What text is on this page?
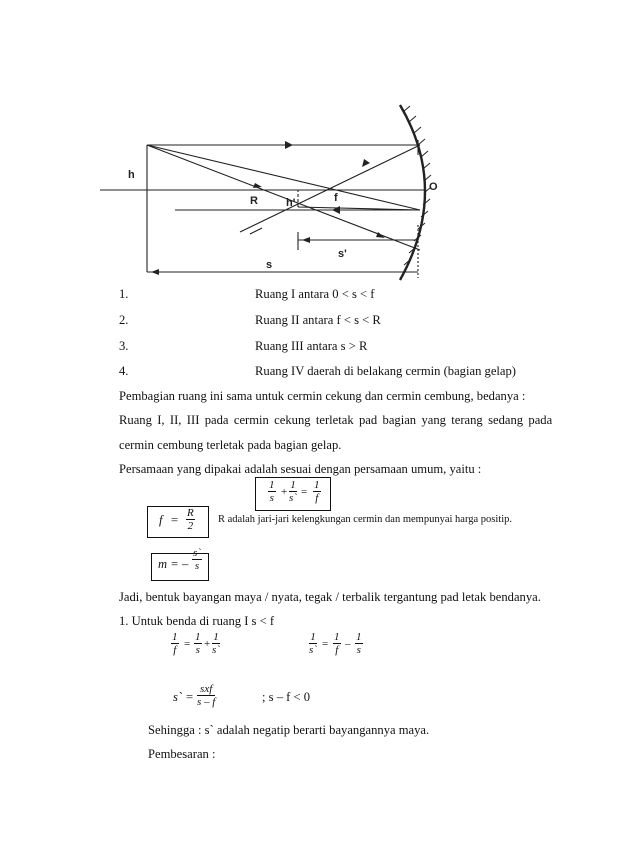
h
R	h'	f
O
s'
s
1.	Ruang I antara 0 < s < f
2.	Ruang II antara f < s < R
3.	Ruang III antara s > R
4.	Ruang IV daerah di belakang cermin (bagian gelap)
Pembagian ruang ini sama untuk cermin cekung dan cermin cembung, bedanya :
Ruang I, II, III pada cermin cekung terletak pad bagian yang terang sedang pada
cermin cembung terletak pada bagian gelap.
Persamaan yang dipakai adalah sesuai dengan persamaan umum, yaitu :
$\frac{1}{s} + \frac{1}{s`} = \frac{1}{f}$
$f = \frac{R}{2}$ R adalah jari-jari kelengkungan cermin dan mempunyai harga positip.
m = – $\frac{s`}{s}$
Jadi, bentuk bayangan maya / nyata, tegak / terbalik tergantung pad letak bendanya.
1. Untuk benda di ruang I s < f
$\frac{1}{f} = \frac{1}{s} + \frac{1}{s`}$	$\frac{1}{s`} = \frac{1}{f} - \frac{1}{s}$
s` =
sxf
s – f	; s – f < 0
Sehingga : s` adalah negatip berarti bayangannya maya.
Pembesaran :
